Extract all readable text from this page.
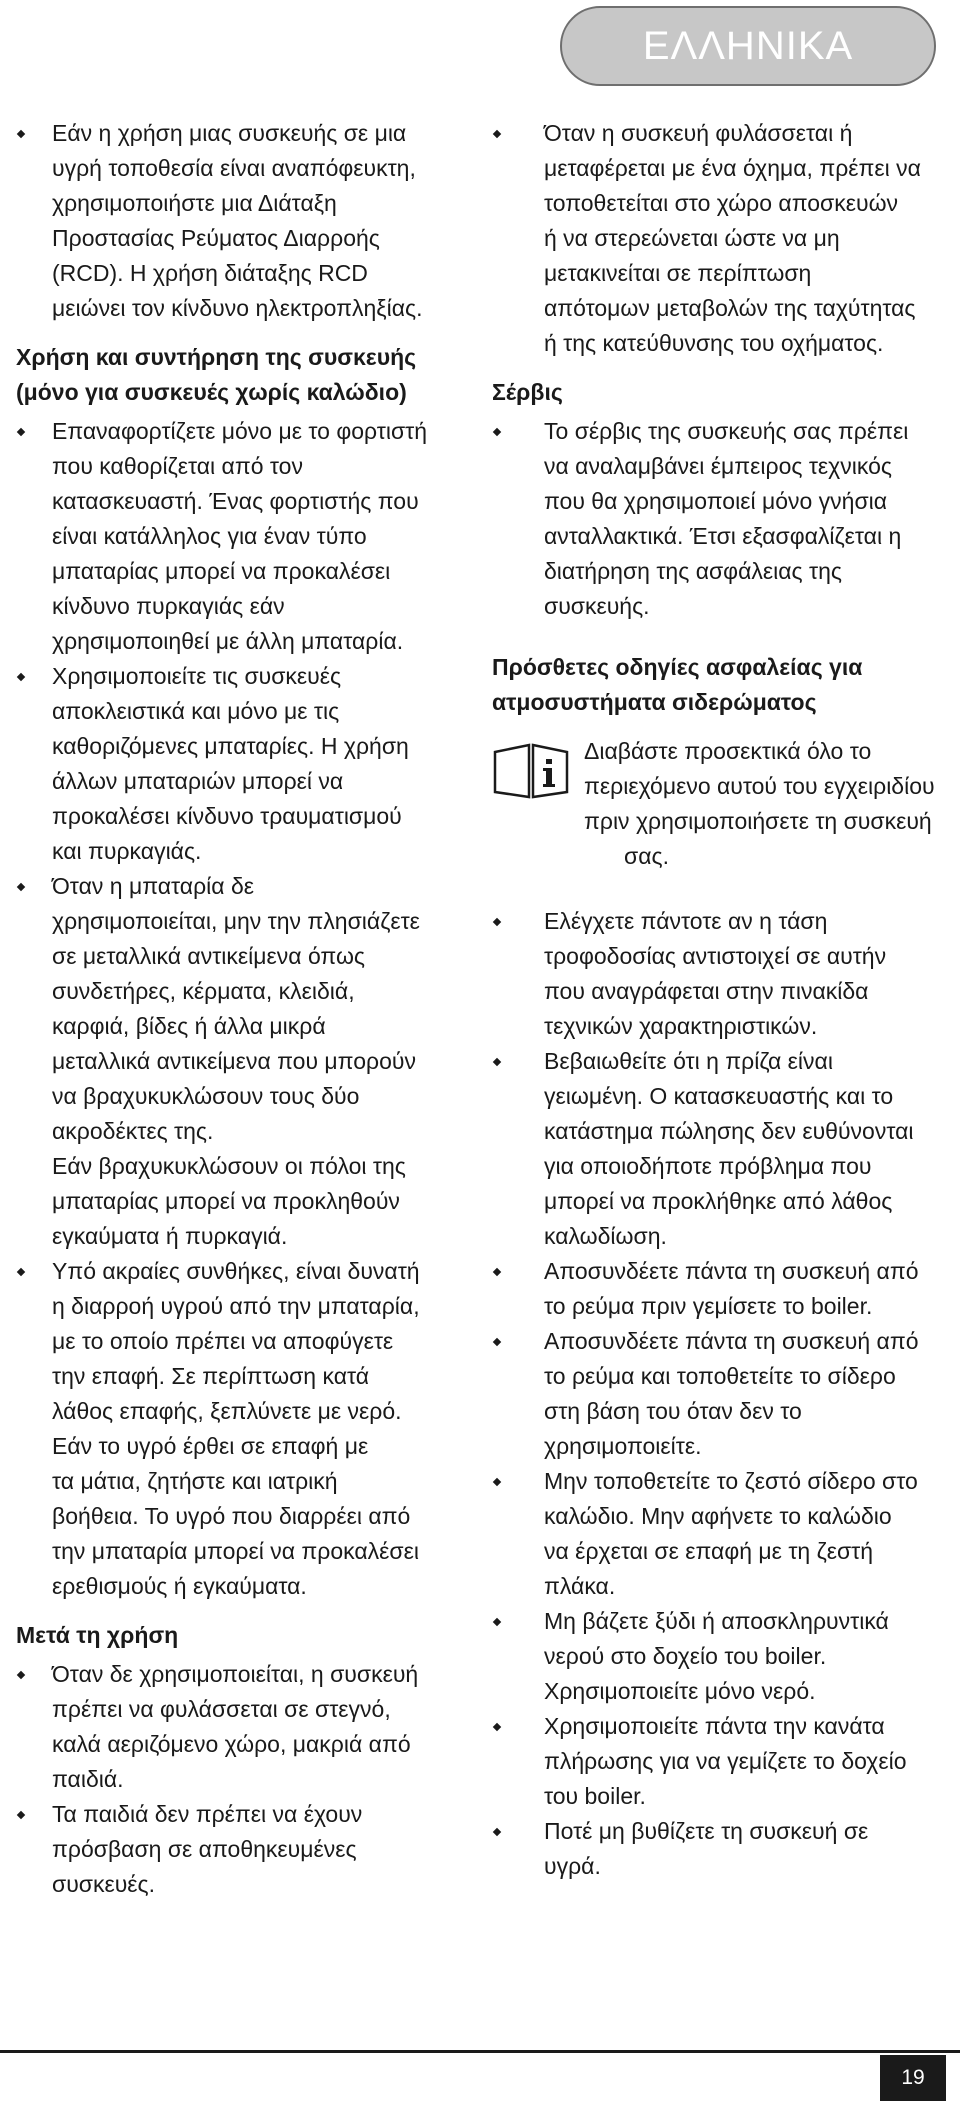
ΕΛΛΗΝΙΚΑ
Εάν η χρήση μιας συσκευής σε μια
υγρή τοποθεσία είναι αναπόφευκτη,
χρησιμοποιήστε μια Διάταξη
Προστασίας Ρεύματος Διαρροής
(RCD). Η χρήση διάταξης RCD
μειώνει τον κίνδυνο ηλεκτροπληξίας.
Χρήση και συντήρηση της συσκευής
(μόνο για συσκευές χωρίς καλώδιο)
Επαναφορτίζετε μόνο με το φορτιστή
που καθορίζεται από τον
κατασκευαστή. Ένας φορτιστής που
είναι κατάλληλος για έναν τύπο
μπαταρίας μπορεί να προκαλέσει
κίνδυνο πυρκαγιάς εάν
χρησιμοποιηθεί με άλλη μπαταρία.
Χρησιμοποιείτε τις συσκευές
αποκλειστικά και μόνο με τις
καθοριζόμενες μπαταρίες. Η χρήση
άλλων μπαταριών μπορεί να
προκαλέσει κίνδυνο τραυματισμού
και πυρκαγιάς.
Όταν η μπαταρία δε
χρησιμοποιείται, μην την πλησιάζετε
σε μεταλλικά αντικείμενα όπως
συνδετήρες, κέρματα, κλειδιά,
καρφιά, βίδες ή άλλα μικρά
μεταλλικά αντικείμενα που μπορούν
να βραχυκυκλώσουν τους δύο
ακροδέκτες της.
Εάν βραχυκυκλώσουν οι πόλοι της
μπαταρίας μπορεί να προκληθούν
εγκαύματα ή πυρκαγιά.
Υπό ακραίες συνθήκες, είναι δυνατή
η διαρροή υγρού από την μπαταρία,
με το οποίο πρέπει να αποφύγετε
την επαφή. Σε περίπτωση κατά
λάθος επαφής, ξεπλύνετε με νερό.
Εάν το υγρό έρθει σε επαφή με
τα μάτια, ζητήστε και ιατρική
βοήθεια. Το υγρό που διαρρέει από
την μπαταρία μπορεί να προκαλέσει
ερεθισμούς ή εγκαύματα.
Μετά τη χρήση
Όταν δε χρησιμοποιείται, η συσκευή
πρέπει να φυλάσσεται σε στεγνό,
καλά αεριζόμενο χώρο, μακριά από
παιδιά.
Τα παιδιά δεν πρέπει να έχουν
πρόσβαση σε αποθηκευμένες
συσκευές.
Όταν η συσκευή φυλάσσεται ή
μεταφέρεται με ένα όχημα, πρέπει να
τοποθετείται στο χώρο αποσκευών
ή να στερεώνεται ώστε να μη
μετακινείται σε περίπτωση
απότομων μεταβολών της ταχύτητας
ή της κατεύθυνσης του οχήματος.
Σέρβις
Το σέρβις της συσκευής σας πρέπει
να αναλαμβάνει έμπειρος τεχνικός
που θα χρησιμοποιεί μόνο γνήσια
ανταλλακτικά. Έτσι εξασφαλίζεται η
διατήρηση της ασφάλειας της
συσκευής.
Πρόσθετες οδηγίες ασφαλείας για
ατμοσυστήματα σιδερώματος
Διαβάστε προσεκτικά όλο το
περιεχόμενο αυτού του εγχειριδίου
πριν χρησιμοποιήσετε τη συσκευή
σας.
Ελέγχετε πάντοτε αν η τάση
τροφοδοσίας αντιστοιχεί σε αυτήν
που αναγράφεται στην πινακίδα
τεχνικών χαρακτηριστικών.
Βεβαιωθείτε ότι η πρίζα είναι
γειωμένη. Ο κατασκευαστής και το
κατάστημα πώλησης δεν ευθύνονται
για οποιοδήποτε πρόβλημα που
μπορεί να προκλήθηκε από λάθος
καλωδίωση.
Αποσυνδέετε πάντα τη συσκευή από
το ρεύμα πριν γεμίσετε το boiler.
Αποσυνδέετε πάντα τη συσκευή από
το ρεύμα και τοποθετείτε το σίδερο
στη βάση του όταν δεν το
χρησιμοποιείτε.
Μην τοποθετείτε το ζεστό σίδερο στο
καλώδιο. Μην αφήνετε το καλώδιο
να έρχεται σε επαφή με τη ζεστή
πλάκα.
Μη βάζετε ξύδι ή αποσκληρυντικά
νερού στο δοχείο του boiler.
Χρησιμοποιείτε μόνο νερό.
Χρησιμοποιείτε πάντα την κανάτα
πλήρωσης για να γεμίζετε το δοχείο
του boiler.
Ποτέ μη βυθίζετε τη συσκευή σε
υγρά.
19
